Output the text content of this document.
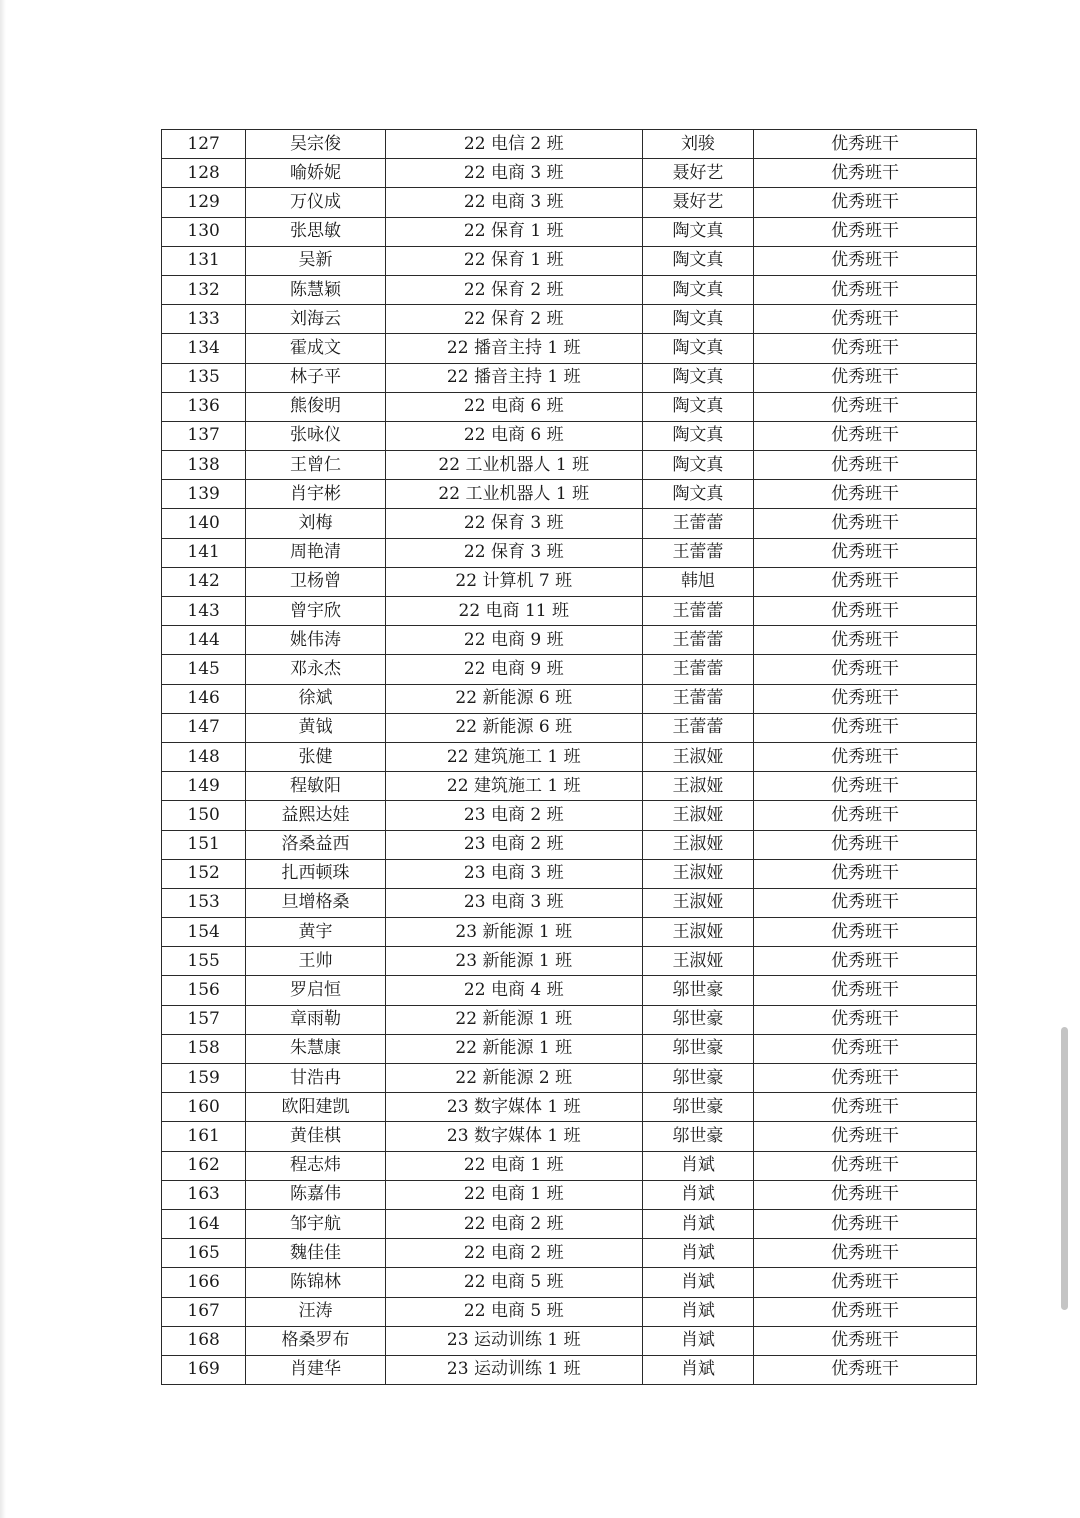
127	吴宗俊	22 电信 2 班	刘骏	优秀班干
128	喻娇妮	22 电商 3 班	聂好艺	优秀班干
129	万仪成	22 电商 3 班	聂好艺	优秀班干
130	张思敏	22 保育 1 班	陶文真	优秀班干
131	吴新	22 保育 1 班	陶文真	优秀班干
132	陈慧颖	22 保育 2 班	陶文真	优秀班干
133	刘海云	22 保育 2 班	陶文真	优秀班干
134	霍成文	22 播音主持 1 班	陶文真	优秀班干
135	林子平	22 播音主持 1 班	陶文真	优秀班干
136	熊俊明	22 电商 6 班	陶文真	优秀班干
137	张咏仪	22 电商 6 班	陶文真	优秀班干
138	王曾仁	22 工业机器人 1 班	陶文真	优秀班干
139	肖宇彬	22 工业机器人 1 班	陶文真	优秀班干
140	刘梅	22 保育 3 班	王蕾蕾	优秀班干
141	周艳清	22 保育 3 班	王蕾蕾	优秀班干
142	卫杨曾	22 计算机 7 班	韩旭	优秀班干
143	曾宇欣	22 电商 11 班	王蕾蕾	优秀班干
144	姚伟涛	22 电商 9 班	王蕾蕾	优秀班干
145	邓永杰	22 电商 9 班	王蕾蕾	优秀班干
146	徐斌	22 新能源 6 班	王蕾蕾	优秀班干
147	黄钺	22 新能源 6 班	王蕾蕾	优秀班干
148	张健	22 建筑施工 1 班	王淑娅	优秀班干
149	程敏阳	22 建筑施工 1 班	王淑娅	优秀班干
150	益熙达娃	23 电商 2 班	王淑娅	优秀班干
151	洛桑益西	23 电商 2 班	王淑娅	优秀班干
152	扎西顿珠	23 电商 3 班	王淑娅	优秀班干
153	旦增格桑	23 电商 3 班	王淑娅	优秀班干
154	黄宇	23 新能源 1 班	王淑娅	优秀班干
155	王帅	23 新能源 1 班	王淑娅	优秀班干
156	罗启恒	22 电商 4 班	邬世豪	优秀班干
157	章雨勒	22 新能源 1 班	邬世豪	优秀班干
158	朱慧康	22 新能源 1 班	邬世豪	优秀班干
159	甘浩冉	22 新能源 2 班	邬世豪	优秀班干
160	欧阳建凯	23 数字媒体 1 班	邬世豪	优秀班干
161	黄佳棋	23 数字媒体 1 班	邬世豪	优秀班干
162	程志炜	22 电商 1 班	肖斌	优秀班干
163	陈嘉伟	22 电商 1 班	肖斌	优秀班干
164	邹宇航	22 电商 2 班	肖斌	优秀班干
165	魏佳佳	22 电商 2 班	肖斌	优秀班干
166	陈锦林	22 电商 5 班	肖斌	优秀班干
167	汪涛	22 电商 5 班	肖斌	优秀班干
168	格桑罗布	23 运动训练 1 班	肖斌	优秀班干
169	肖建华	23 运动训练 1 班	肖斌	优秀班干
